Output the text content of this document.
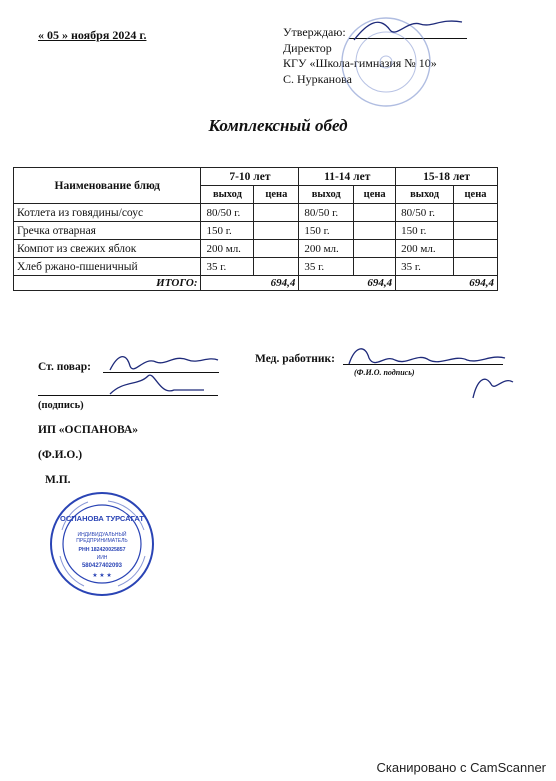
« 05 » ноября 2024 г.	Утверждаю:
Директор
КГУ «Школа-гимназия № 10»
С. Нурканова
Комплексный обед
Наименование блюд	7-10 лет		11-14 лет		15-18 лет	
	выход	цена	выход	цена	выход	цена
Котлета из говядины/соус	80/50 г.		80/50 г.		80/50 г.	
Гречка отварная	150 г.		150 г.		150 г.	
Компот из свежих яблок	200 мл.		200 мл.		200 мл.	
Хлеб ржано-пшеничный	35 г.		35 г.		35 г.	
ИТОГО:	694,4		694,4		694,4	
Ст. повар:
(подпись)
ИП «ОСПАНОВА»
(Ф.И.О.)
М.П.
Мед. работник:
(Ф.И.О. подпись)
ОСПАНОВА ТУРСАГАТ
ИНДИВИДУАЛЬНЫЙ
ПРЕДПРИНИМАТЕЛЬ
РНН 182420025857
ИИН
580427402093
★ ★ ★
Сканировано с CamScanner
